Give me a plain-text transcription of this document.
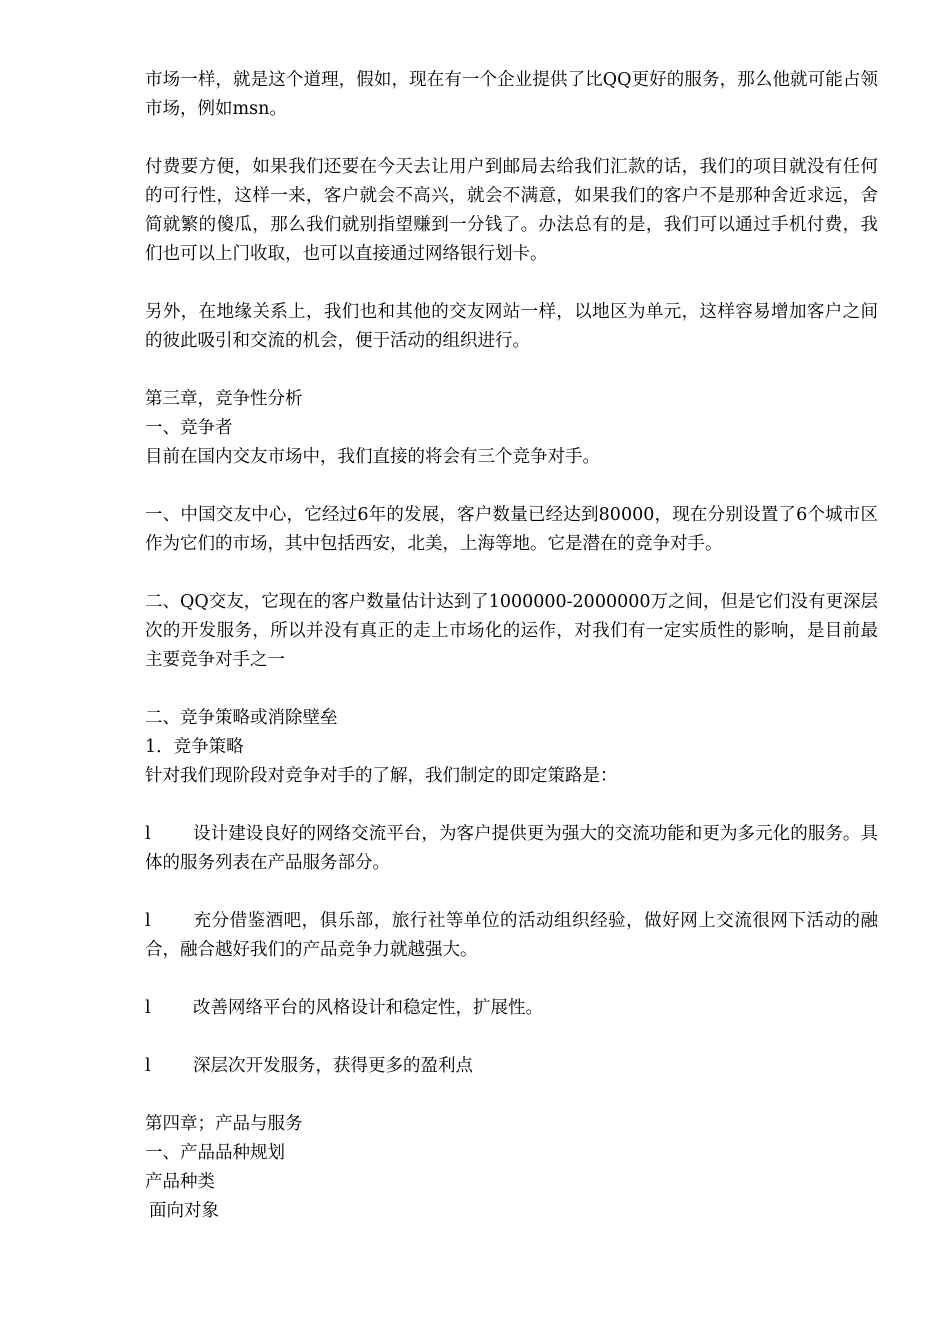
市场一样，就是这个道理，假如，现在有一个企业提供了比QQ更好的服务，那么他就可能占领市场，例如msn。

付费要方便，如果我们还要在今天去让用户到邮局去给我们汇款的话，我们的项目就没有任何的可行性，这样一来，客户就会不高兴，就会不满意，如果我们的客户不是那种舍近求远，舍简就繁的傻瓜，那么我们就别指望赚到一分钱了。办法总有的是，我们可以通过手机付费，我们也可以上门收取，也可以直接通过网络银行划卡。

另外，在地缘关系上，我们也和其他的交友网站一样，以地区为单元，这样容易增加客户之间的彼此吸引和交流的机会，便于活动的组织进行。

第三章，竞争性分析

一、竞争者

目前在国内交友市场中，我们直接的将会有三个竞争对手。

一、中国交友中心，它经过6年的发展，客户数量已经达到80000，现在分别设置了6个城市区作为它们的市场，其中包括西安，北美，上海等地。它是潜在的竞争对手。

二、QQ交友，它现在的客户数量估计达到了1000000-2000000万之间，但是它们没有更深层次的开发服务，所以并没有真正的走上市场化的运作，对我们有一定实质性的影响，是目前最主要竞争对手之一

二、竞争策略或消除壁垒

1．竞争策略

针对我们现阶段对竞争对手的了解，我们制定的即定策路是：

l 设计建设良好的网络交流平台，为客户提供更为强大的交流功能和更为多元化的服务。具体的服务列表在产品服务部分。

l 充分借鉴酒吧，俱乐部，旅行社等单位的活动组织经验，做好网上交流很网下活动的融合，融合越好我们的产品竞争力就越强大。

l 改善网络平台的风格设计和稳定性，扩展性。

l 深层次开发服务，获得更多的盈利点

第四章；产品与服务

一、产品品种规划

产品种类

面向对象
